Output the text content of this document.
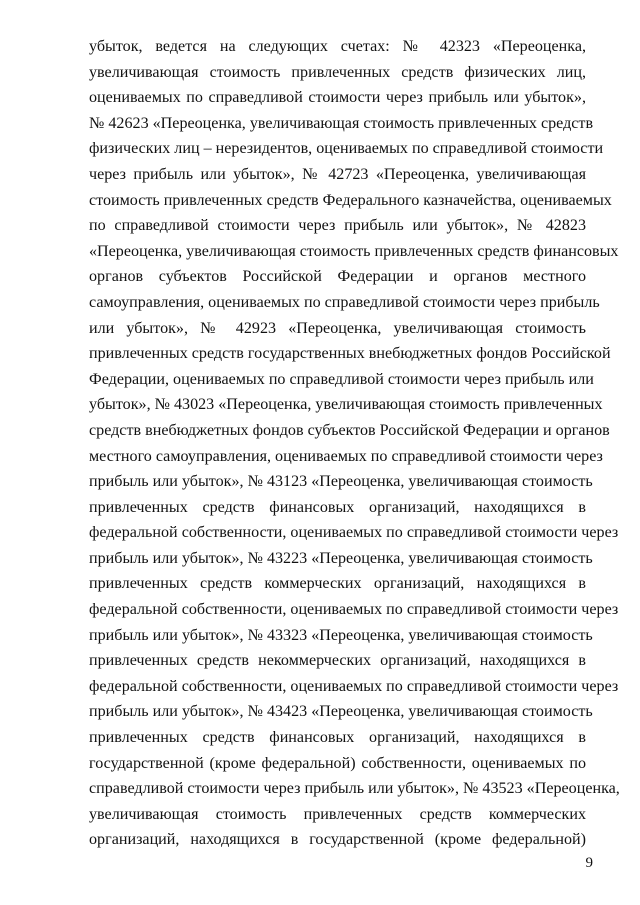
убыток, ведется на следующих счетах: № 42323 «Переоценка,
увеличивающая стоимость привлеченных средств физических лиц,
оцениваемых по справедливой стоимости через прибыль или убыток»,
№ 42623 «Переоценка, увеличивающая стоимость привлеченных средств
физических лиц – нерезидентов, оцениваемых по справедливой стоимости
через прибыль или убыток», № 42723 «Переоценка, увеличивающая
стоимость привлеченных средств Федерального казначейства, оцениваемых
по справедливой стоимости через прибыль или убыток», № 42823
«Переоценка, увеличивающая стоимость привлеченных средств финансовых
органов субъектов Российской Федерации и органов местного
самоуправления, оцениваемых по справедливой стоимости через прибыль
или убыток», № 42923 «Переоценка, увеличивающая стоимость
привлеченных средств государственных внебюджетных фондов Российской
Федерации, оцениваемых по справедливой стоимости через прибыль или
убыток», № 43023 «Переоценка, увеличивающая стоимость привлеченных
средств внебюджетных фондов субъектов Российской Федерации и органов
местного самоуправления, оцениваемых по справедливой стоимости через
прибыль или убыток», № 43123 «Переоценка, увеличивающая стоимость
привлеченных средств финансовых организаций, находящихся в
федеральной собственности, оцениваемых по справедливой стоимости через
прибыль или убыток», № 43223 «Переоценка, увеличивающая стоимость
привлеченных средств коммерческих организаций, находящихся в
федеральной собственности, оцениваемых по справедливой стоимости через
прибыль или убыток», № 43323 «Переоценка, увеличивающая стоимость
привлеченных средств некоммерческих организаций, находящихся в
федеральной собственности, оцениваемых по справедливой стоимости через
прибыль или убыток», № 43423 «Переоценка, увеличивающая стоимость
привлеченных средств финансовых организаций, находящихся в
государственной (кроме федеральной) собственности, оцениваемых по
справедливой стоимости через прибыль или убыток», № 43523 «Переоценка,
увеличивающая стоимость привлеченных средств коммерческих
организаций, находящихся в государственной (кроме федеральной)
9
